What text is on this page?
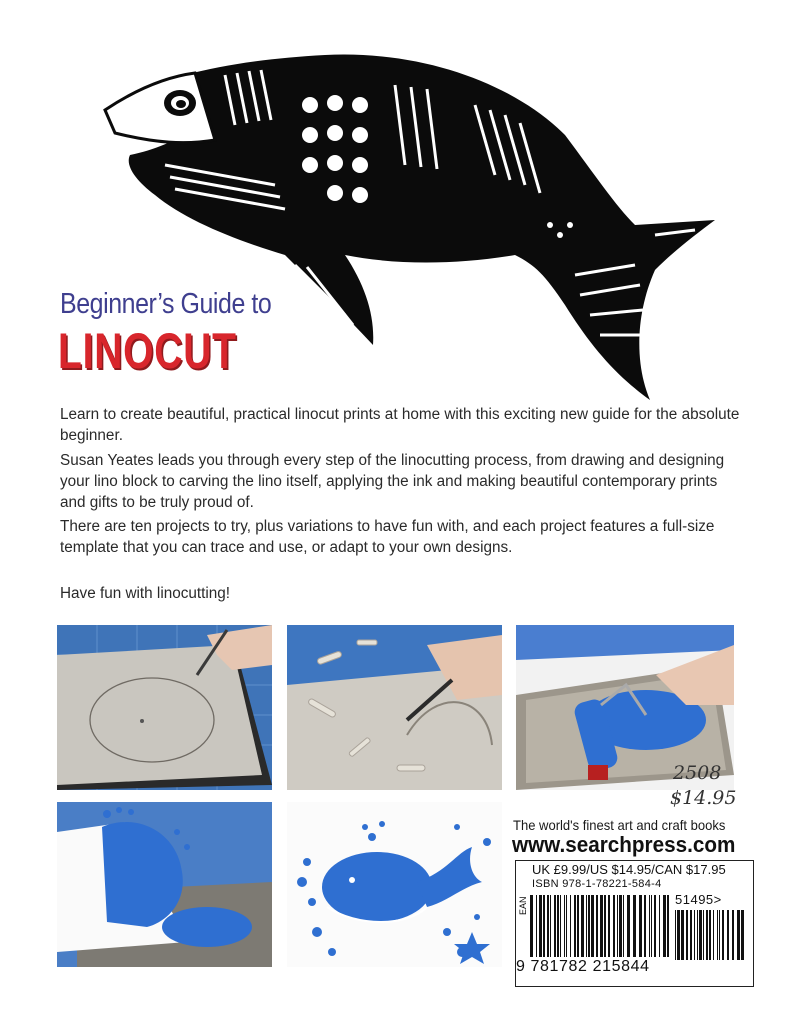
Beginner’s Guide to
LINOCUT

Learn to create beautiful, practical linocut prints at home with this exciting new guide for the absolute beginner.

Susan Yeates leads you through every step of the linocutting process, from drawing and designing your lino block to carving the lino itself, applying the ink and making beautiful contemporary prints and gifts to be truly proud of.

There are ten projects to try, plus variations to have fun with, and each project features a full-size template that you can trace and use, or adapt to your own designs.

Have fun with linocutting!

2508
$14.95
The world's finest art and craft books
www.searchpress.com
UK £9.99/US $14.95/CAN $17.95
ISBN 978-1-78221-584-4
EAN	51495>
9 781782 215844
